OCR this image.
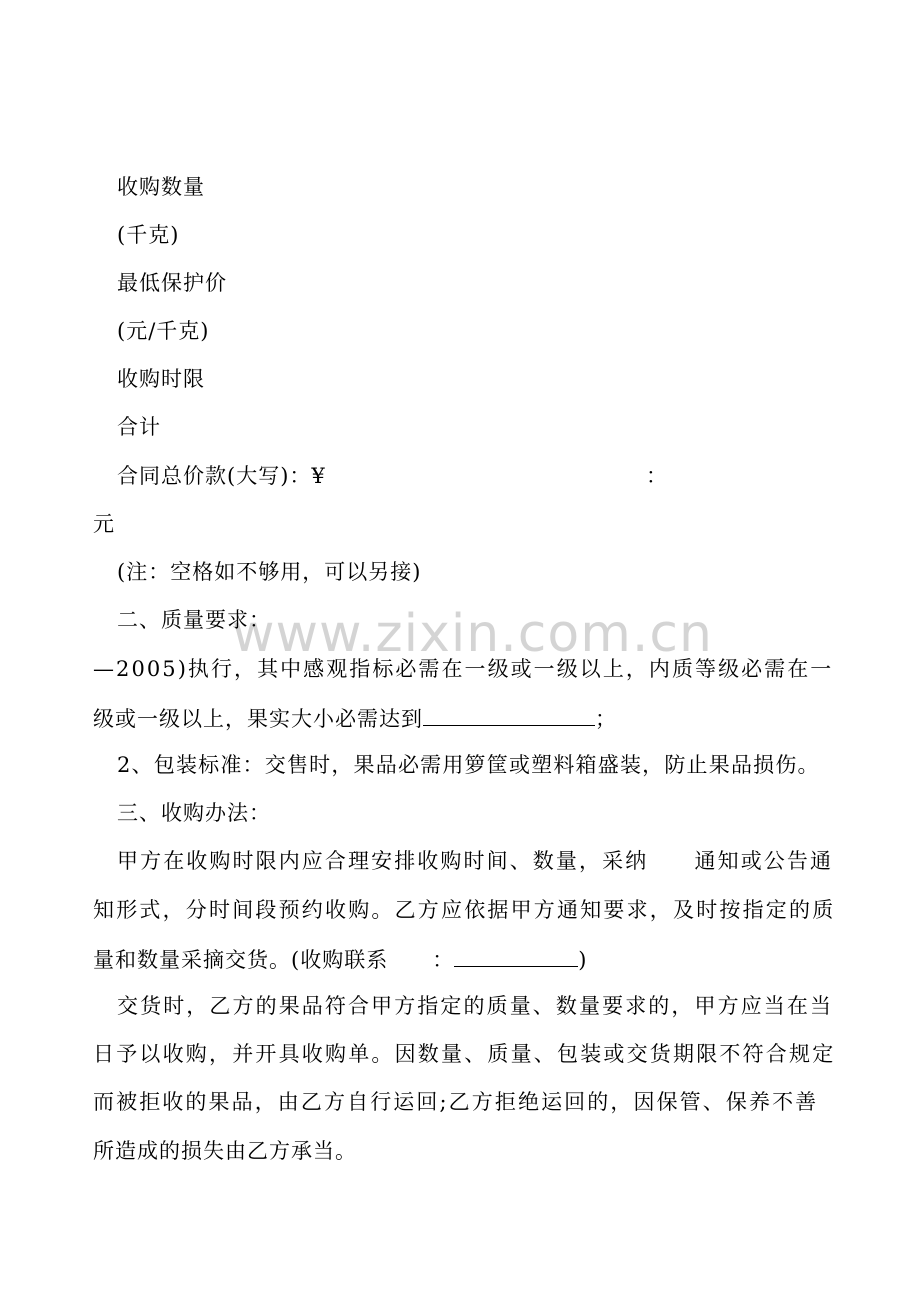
www.zixin.com.cn
收购数量
(千克)
最低保护价
(元/千克)
收购时限
合计
合同总价款(大写)：¥	：
元
(注：空格如不够用，可以另接)
二、质量要求：
—2005)执行，其中感观指标必需在一级或一级以上，内质等级必需在一
级或一级以上，果实大小必需达到	；
2、包装标准：交售时，果品必需用箩筐或塑料箱盛装，防止果品损伤。
三、收购办法：
甲方在收购时限内应合理安排收购时间、数量，采纳　　通知或公告通
知形式，分时间段预约收购。乙方应依据甲方通知要求，及时按指定的质
量和数量采摘交货。(收购联系　　：	)
交货时，乙方的果品符合甲方指定的质量、数量要求的，甲方应当在当
日予以收购，并开具收购单。因数量、质量、包装或交货期限不符合规定
而被拒收的果品，由乙方自行运回;乙方拒绝运回的，因保管、保养不善
所造成的损失由乙方承当。
